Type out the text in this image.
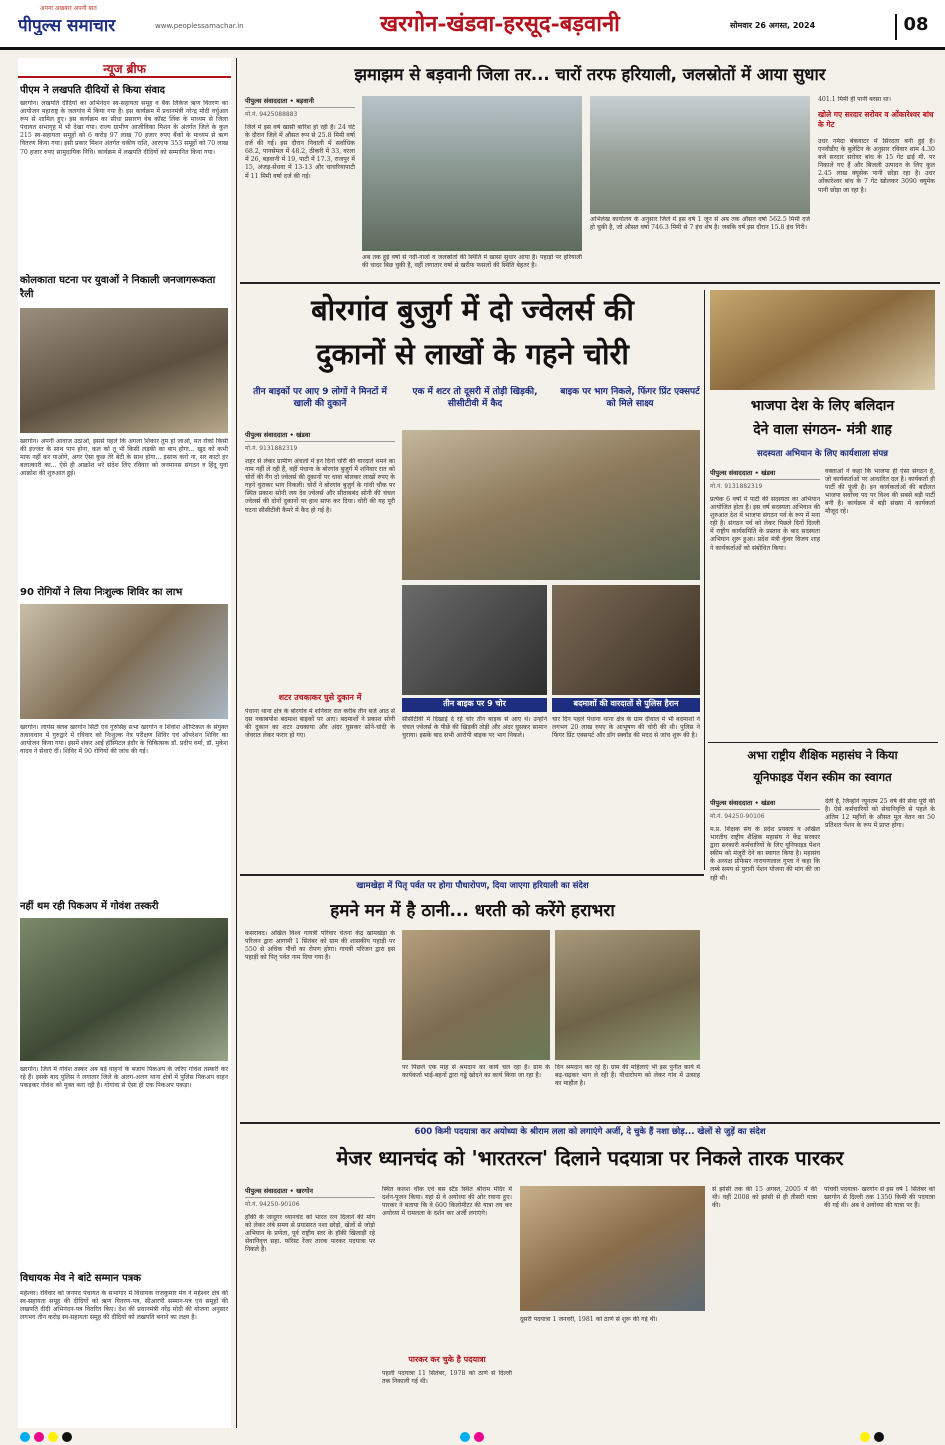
पीपुल्स समाचार
अपना अखबार अपनी बात
www.peoplessamachar.in	खरगोन-खंडवा-हरसूद-बड़वानी	सोमवार 26 अगस्त, 2024	08
न्यूज ब्रीफ
पीएम ने लखपति दीदियों से किया संवाद
खरगोन। लखपति दीदियों का अभिनंदन स्व-सहायता समूह व बैंक लिंकेज ऋण वितरण का आयोजन महाराष्ट्र के जलगांव में किया गया है। इस कार्यक्रम में प्रधानमंत्री नरेन्द्र मोदी वर्चुअल रूप से शामिल हुए। इस कार्यक्रम का सीधा प्रसारण वेब कॉस्ट लिंक के माध्यम से जिला पंचायत सभागृह में भी देखा गया। राज्य ग्रामीण आजीविका मिशन के अंतर्गत जिले के कुल 215 स्व-सहायता समूहों को 6 करोड़ 97 लाख 70 हजार रुपए बैंकों के माध्यम से ऋण वितरण किया गया। इसी प्रकार मिशन अंतर्गत चकीय राशि, आरएफ 353 समूहों को 70 लाख 70 हजार रुपए सामुदायिक निधि। कार्यक्रम में लखपति दीदियों को सम्मानित किया गया।
कोलकाता घटना पर युवाओं ने निकाली जनजागरूकता रैली
खरगोन। अपनी आवाज उठाओ, इससे पहले कि अगला शिकार तुम हो जाओ, मत रोको किसी की इज्जत के साथ पाप होना, कल को तू भी किसी लड़की का बाप होगा... खुद को कभी माफ नहीं कर पाओगे, अगर ऐसा कुछ तेरे बेटी के साथ होगा... इंसाफ करो ना, सर काटो हर बलात्कारी का... ऐसे ही आक्रोश भरे संदेश लिए रविवार को जनमानस संगठन व हिंदू युवा आक्रोश की शुरुआत हुई।
90 रोगियों ने लिया निःशुल्क शिविर का लाभ
खरगोन। लायंस क्लब खरगोन सिटी एवं गुरुसिंह सभा खरगोन व शिवांश ऑप्टिकल के संयुक्त तत्वावधान में गुरुद्वारे में रविवार को निःशुल्क नेत्र परीक्षण शिविर एवं ऑपरेशन शिविर का आयोजन किया गया। इसमें शंकर आई हॉस्पिटल इंदौर के चिकित्सक डॉ. प्रदीप वर्मा, डॉ. मुकेश यादव ने सेवाएं दीं। शिविर में 90 रोगियों की जांच की गई।
नहीं थम रही पिकअप में गोवंश तस्करी
खरगोन। जिले में गोवंश तस्कर अब बड़े वाहनों के बजाय पिकअप के जरिए गोवंश तस्करी कर रहे हैं। इसके बाद पुलिस ने लगातार जिले के अलग-अलग थाना क्षेत्रों में पुलिस पिकअप वाहन पकड़कर गोवंश को मुक्त करा रही है। गोगांवा से ऐसा ही एक पिकअप पकड़ा।
विधायक मेव ने बांटे सम्मान पत्रक
महेश्वर। रविवार को जनपद पंचायत के सभागार में विधायक राजकुमार मेव ने महेश्वर क्षेत्र की स्व-सहायता समूह की दीदियों को ऋण वितरण-पत्र, सीआरपी सम्मान-पत्र एवं समूहों की लखपति दीदी अभिनंदन-पत्र वितरित किए। देश की प्रधानमंत्री नरेंद्र मोदी की योजना अनुसार लगभग तीन करोड़ स्व-सहायता समूह की दीदियों को लखपति बनाने का लक्ष्य है।
झमाझम से बड़वानी जिला तर... चारों तरफ हरियाली, जलस्रोतों में आया सुधार
पीपुल्स संवाददाता • बड़वानी
मो.नं. 9425088883
जिले में इस वर्ष खासी बारिश हो रही है। 24 घंटे के दौरान जिले में औसत रूप से 25.8 मिमी वर्षा दर्ज की गई। इस दौरान निवाली में सर्वाधिक 68.2, पानसेमल में 48.2, ठीकरी में 33, वरला में 26, बड़वानी में 19, पाटी में 17.3, राजपुर में 15, अंजड़-सेंधवा में 13-13 और चाचरियापाटी में 11 मिमी वर्षा दर्ज की गई।
अब तक हुई वर्षा से नदी-नालों व जलस्रोतों की स्थिति में खासा सुधार आया है। पहाड़ों पर हरियाली की चादर बिछ चुकी है, वहीं लगातार वर्षा से खरीफ फसलों की स्थिति बेहतर है।
अभिलेख कार्यालय के अनुसार जिले में इस वर्ष 1 जून से अब तक औसत वर्षा 562.5 मिमी दर्ज हो चुकी है, जो औसत वर्षा 746.3 मिमी से 7 इंच शेष है। जबकि वर्ष इस दौरान 15.8 इंच गिरी।
401.1 मिमी ही पानी बरसा था।
खोले गए सरदार सरोवर व ओंकारेश्वर बांध के गेट
उधर नर्मदा बेकवाटर में सिरदता बनी हुई है। एनवीडीए के बुलेटिन के अनुसार रविवार शाम 4.30 बजे सरदार सरोवर बांध के 15 गेट ढाई मी. पर निकाले गए हैं और बिजली उत्पादन के लिए कुल 2.45 लाख क्यूसेक पानी छोड़ा रहा है। उधर ओंकारेश्वर बांध के 7 गेट खोलकर 3090 क्यूमेक पानी छोड़ा जा रहा है।
बोरगांव बुजुर्ग में दो ज्वेलर्स की
दुकानों से लाखों के गहने चोरी
तीन बाइकों पर आए 9 लोगों ने मिनटों में खाली की दुकानें
एक में शटर तो दूसरी में तोड़ी खिड़की, सीसीटीवी में कैद
बाइक पर भाग निकले, फिंगर प्रिंट एक्सपर्ट को मिले साक्ष्य
पीपुल्स संवाददाता • खंडवा
मो.नं. 9131882319
शहर से लेकर ग्रामीण अंचलों में इन दिनों चोरी की वारदातें थमने का नाम नहीं ले रही हैं, वहीं पंधाना के बोरगांव बुजुर्ग में शनिवार रात को चोरों की गैंग दो ज्वेलर्स की दुकानों पर धावा बोलकर लाखों रुपए के गहने चुराकर भाग निकली। चोरों ने बोरगांव बुजुर्ग के गांधी चौक पर स्थित प्रकाश सोनी जय देव ज्वेलर्स और सीताबबंद सोनी की चंचल ज्वेलर्स की दोनों दुकानों पर हाथ साफ कर दिया। चोरी की यह पूरी घटना सीसीटीवी कैमरे में कैद हो गई है।
शटर उचकाकर घुसे दुकान में
पंधाना थाना क्षेत्र के बोरगांव में शनिवार रात करीब तीन बजे आठ से दस नकाबपोश बदमाश बाइकों पर आए। बदमाशों ने प्रकाश सोनी की दुकान का शटर उचकाया और अंदर घुसकर सोने-चांदी के जेवरात लेकर फरार हो गए।
तीन बाइक पर 9 चोर	बदमाशों की वारदातों से पुलिस हैरान
सीसीटीवी में दिखाई दे रहे चोर तीन बाइक से आए थे। उन्होंने चंचल ज्वेलर्स के पीछे की खिड़की तोड़ी और अंदर घुसकर सामान चुराया। इसके बाद सभी आरोपी बाइक पर भाग निकले।
चार दिन पहले पंधाना थाना क्षेत्र के ग्राम दीवाल में भी बदमाशों ने लगभग 20 लाख रुपए के आभूषण की चोरी की थी। पुलिस ने फिंगर प्रिंट एक्सपर्ट और डॉग स्क्वॉड की मदद से जांच शुरू की है।
भाजपा देश के लिए बलिदान
देने वाला संगठन- मंत्री शाह
सदस्यता अभियान के लिए कार्यशाला संपन्न
पीपुल्स संवाददाता • खंडवा
मो.नं. 9131882319
प्रत्येक 6 वर्षों में पार्टी की सदस्यता का अभियान आयोजित होता है। इस वर्ष सदस्यता अभियान की शुरुआत देश में भाजपा संगठन पर्व के रूप में मना रही है। संगठन पर्व को लेकर पिछले दिनों दिल्ली में राष्ट्रीय कार्यसमिति के प्रस्ताव के बाद सदस्यता अभियान शुरू हुआ। प्रदेश मंत्री कुंवर विजय शाह ने कार्यकर्ताओं को संबोधित किया।
वक्ताओं ने कहा कि भाजपा ही ऐसा संगठन है, जो कार्यकर्ताओं पर आधारित दल है। कार्यकर्ता ही पार्टी की पूंजी है। इन कार्यकर्ताओं की बदौलत भाजपा सर्वोच्च पद पर विश्व की सबसे बड़ी पार्टी बनी है। कार्यक्रम में बड़ी संख्या में कार्यकर्ता मौजूद रहे।
अभा राष्ट्रीय शैक्षिक महासंघ ने किया
यूनिफाइड पेंशन स्कीम का स्वागत
पीपुल्स संवाददाता • खंडवा
मो.नं. 94250-90106
म.प्र. शिक्षक संघ के प्रदेश प्रवक्ता व अखिल भारतीय राष्ट्रीय शैक्षिक महासंघ ने केंद्र सरकार द्वारा सरकारी कर्मचारियों के लिए यूनिफाइड पेंशन स्कीम को मंजूरी देने का स्वागत किया है। महासंघ के अध्यक्ष प्रोफेसर नारायणलाल गुप्ता ने कहा कि लम्बे समय से पुरानी पेंशन योजना की मांग की जा रही थी।
देती है, जिन्होंने न्यूनतम 25 वर्ष की सेवा पूरी की है। ऐसे कर्मचारियों को सेवानिवृत्ति से पहले के अंतिम 12 महीनों के औसत मूल वेतन का 50 प्रतिशत पेंशन के रूप में प्राप्त होगा।
खामखेड़ा में पितृ पर्वत पर होगा पौधारोपण, दिया जाएगा हरियाली का संदेश
हमने मन में है ठानी... धरती को करेंगे हराभरा
कसरावद। अखिल विश्व गायत्री परिवार चेतना केंद्र खामखेड़ा के परिजन द्वारा आगामी 1 सितंबर को ग्राम की शासकीय पहाड़ी पर 550 से अधिक पौधों का रोपण होगा। गायत्री परिजन द्वारा इस पहाड़ी को पितृ पर्वत नाम दिया गया है।
पर पिछले एक माह से श्रमदान का कार्य चल रहा है। ग्राम के कार्यकर्ता भाई-बहनों द्वारा गड्ढे खोदने का कार्य किया जा रहा है।
दिन श्रमदान कर रहे हैं। ग्राम की महिलाएं भी इस पुनीत कार्य में बढ़-चढ़कर भाग ले रही हैं। पौधारोपण को लेकर गांव में उत्साह का माहौल है।
600 किमी पदयात्रा कर अयोध्या के श्रीराम लला को लगाएंगे अर्जी, दे चुके हैं नशा छोड़... खेलों से जुड़ें का संदेश
मेजर ध्यानचंद को 'भारतरत्न' दिलाने पदयात्रा पर निकले तारक पारकर
पीपुल्स संवाददाता • खरगोन
मो.नं. 94250-90106
हॉकी के जादूगर ध्यानचंद को भारत रत्न दिलाने की मांग को लेकर लंबे समय से प्रयासरत नशा छोड़ो, खेलों से जोड़ो अभियान के प्रणेता, पूर्व राष्ट्रीय स्तर के हॉकी खिलाड़ी रहे सेवानिवृत्त सहा. फॉरेस्ट रेंजर तारक पारकर पदयात्रा पर निकले हैं।
स्थित कलश चौक एवं बस स्टैंड स्थित श्रीराम मंदिर में दर्शन-पूजन किया। यहां से वे अयोध्या की ओर रवाना हुए। पारकर ने बताया कि वे 600 किलोमीटर की यात्रा तय कर अयोध्या में रामलला के दर्शन कर अर्जी लगाएंगे।
पारकर कर चुके है पदयात्रा
पहली पदयात्रा 11 सितंबर, 1978 को ठाणे से दिल्ली तक निकाली गई थी।
दूसरी पदयात्रा 1 जनवरी, 1981 को ठाणे से शुरू की गई थी।
से झांसी तक की 15 अगस्त, 2005 में की थी। वहीं 2008 को झांसी से ही तीसरी यात्रा की।
पांचवीं पदयात्रा- खरगोन से इस वर्ष 1 सितंबर को खरगोन से दिल्ली तक 1350 किमी की पदयात्रा की गई थी। अब वे अयोध्या की यात्रा पर हैं।
